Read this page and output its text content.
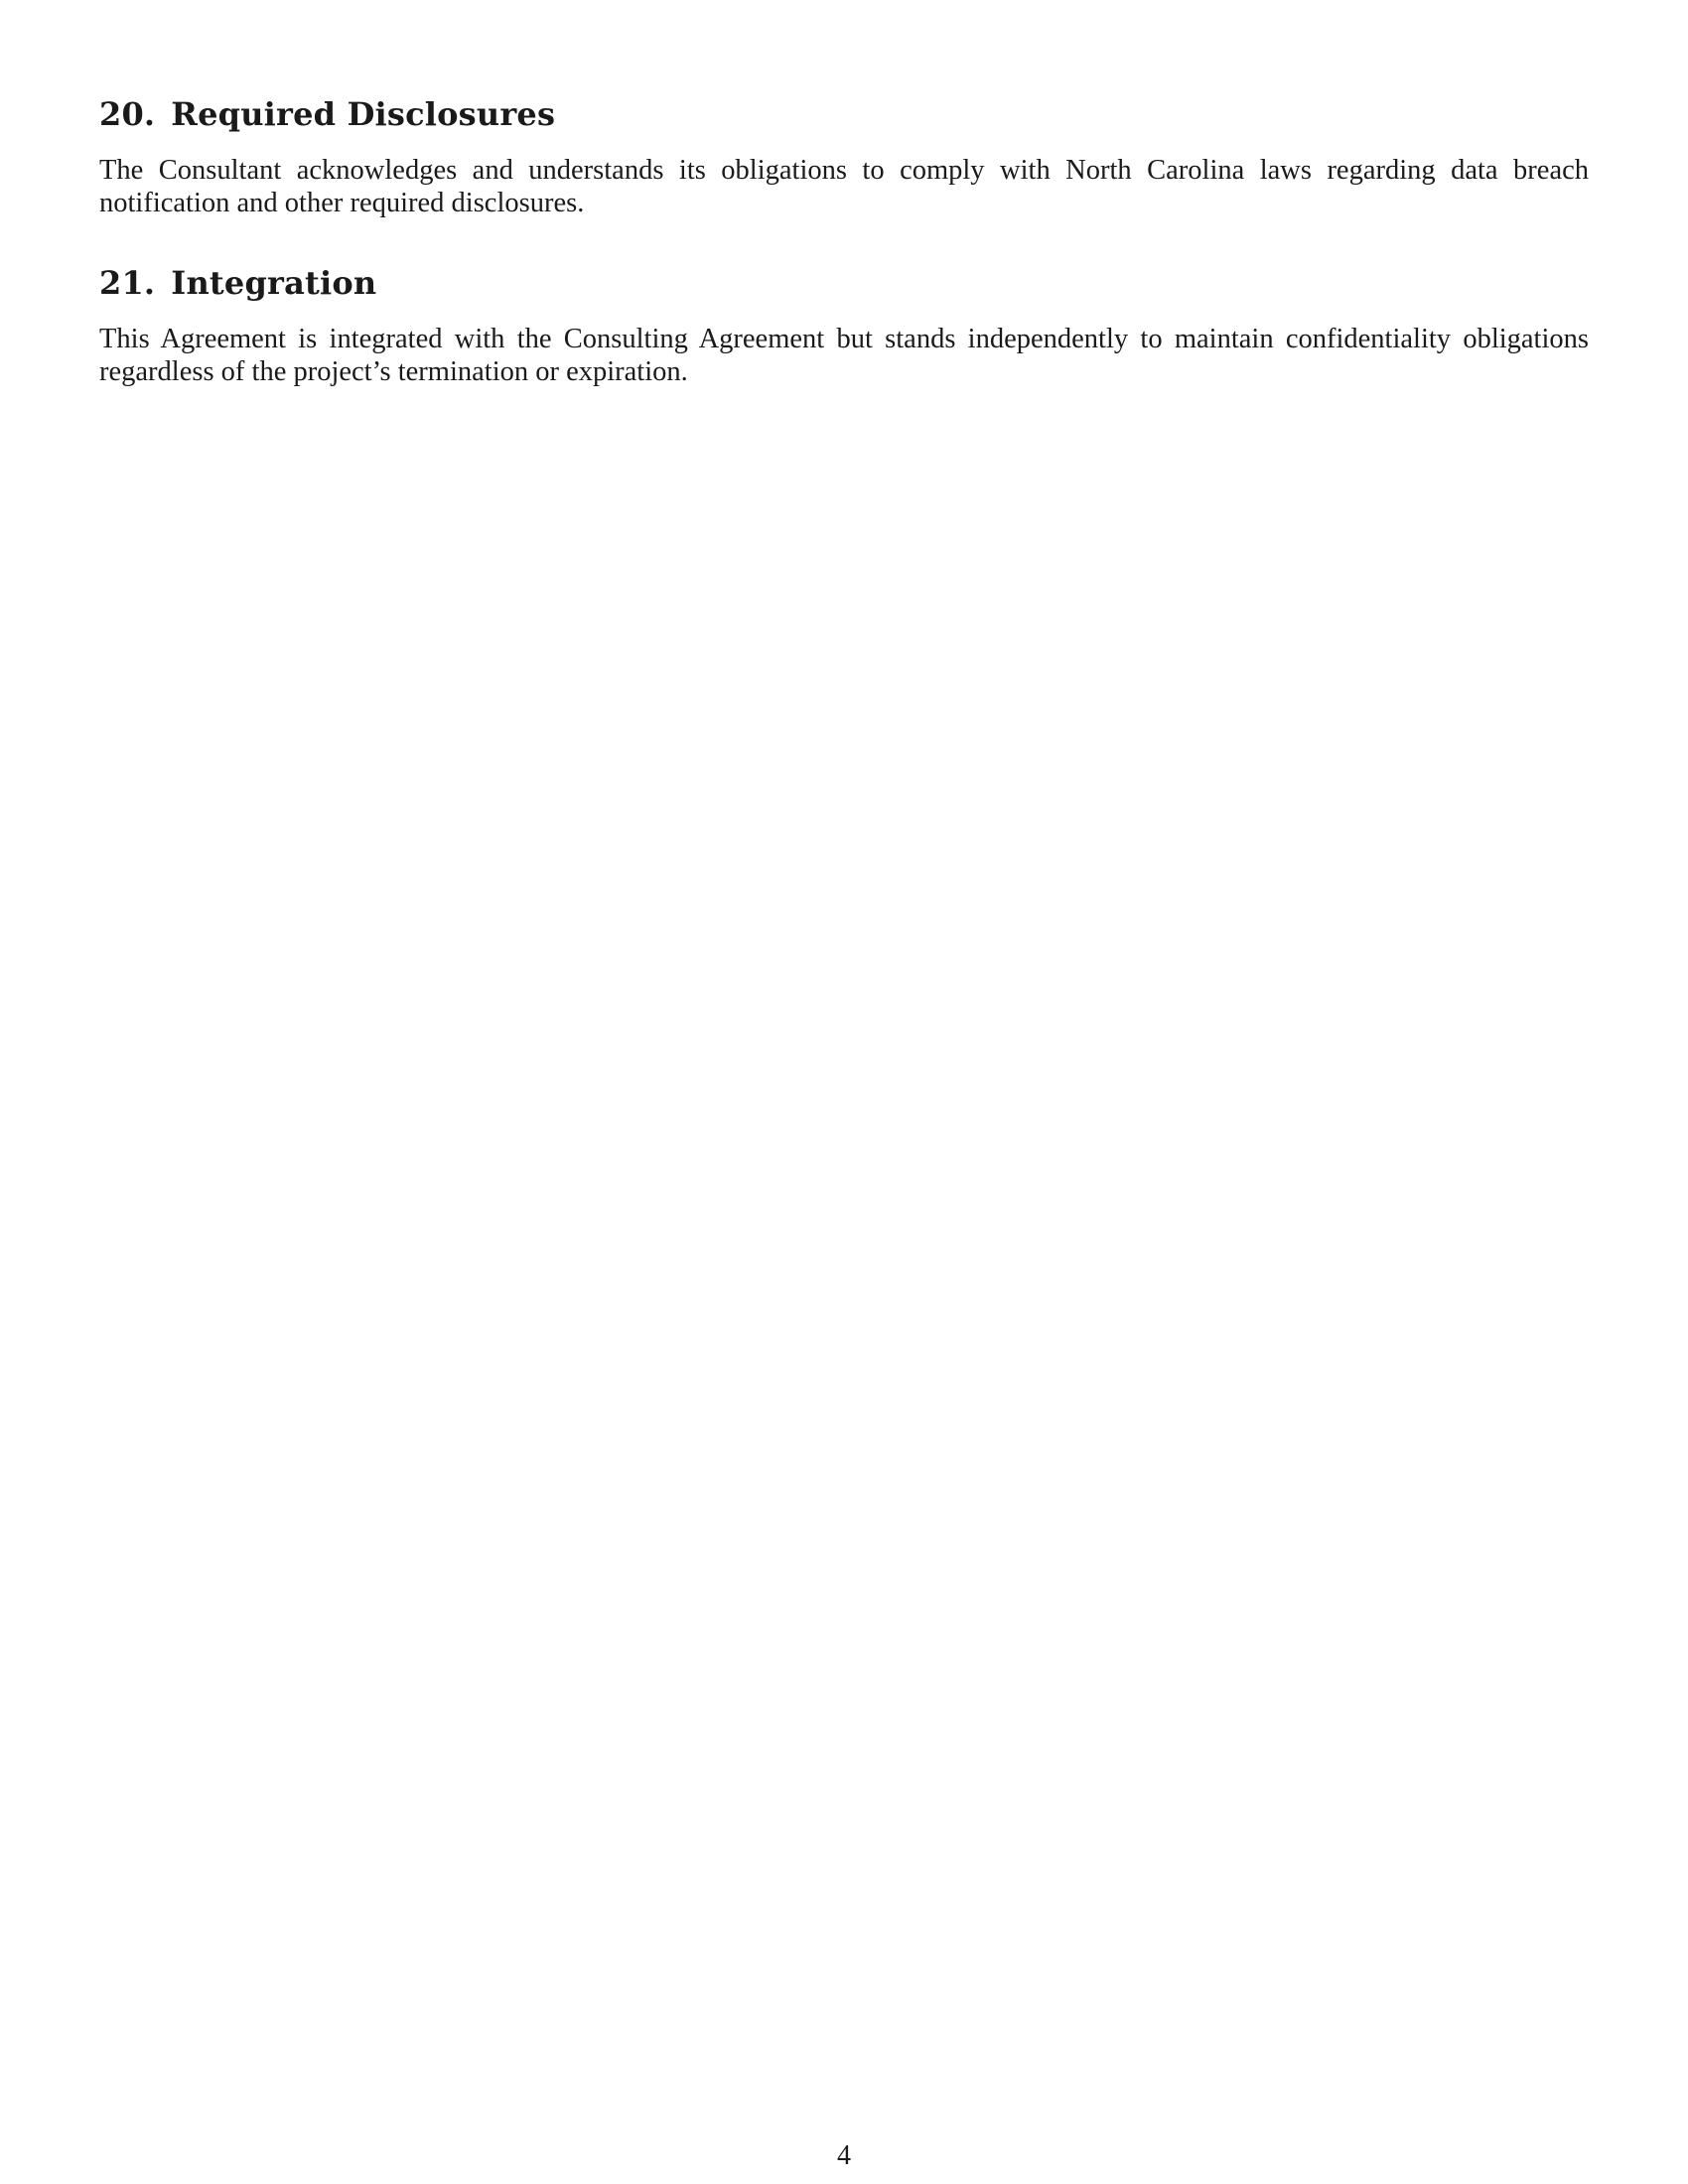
20. Required Disclosures

The Consultant acknowledges and understands its obligations to comply with North Carolina laws regarding data breach notification and other required disclosures.

21. Integration

This Agreement is integrated with the Consulting Agreement but stands independently to maintain confidentiality obligations regardless of the project’s termination or expiration.

4
